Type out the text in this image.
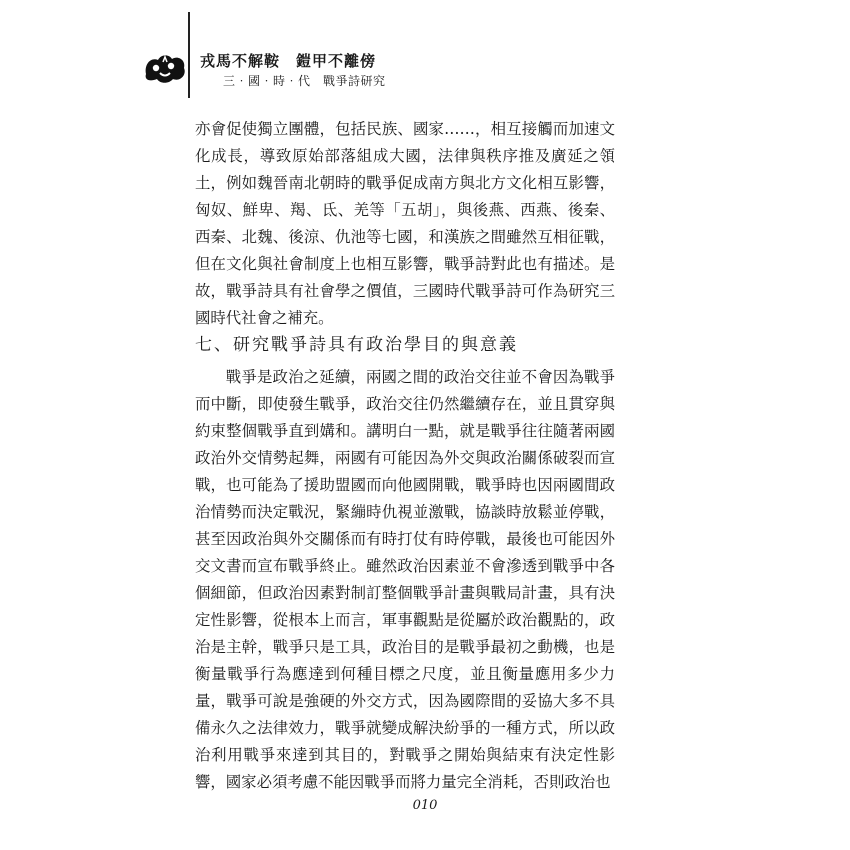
戎馬不解鞍　鎧甲不離傍

三‧國‧時‧代　戰爭詩研究

亦會促使獨立團體，包括民族、國家……，相互接觸而加速文化成長，導致原始部落組成大國，法律與秩序推及廣延之領土，例如魏晉南北朝時的戰爭促成南方與北方文化相互影響，匈奴、鮮卑、羯、氐、羌等「五胡」，與後燕、西燕、後秦、西秦、北魏、後涼、仇池等七國，和漢族之間雖然互相征戰，但在文化與社會制度上也相互影響，戰爭詩對此也有描述。是故，戰爭詩具有社會學之價值，三國時代戰爭詩可作為研究三國時代社會之補充。

七、研究戰爭詩具有政治學目的與意義

戰爭是政治之延續，兩國之間的政治交往並不會因為戰爭而中斷，即使發生戰爭，政治交往仍然繼續存在，並且貫穿與約束整個戰爭直到媾和。講明白一點，就是戰爭往往隨著兩國政治外交情勢起舞，兩國有可能因為外交與政治關係破裂而宣戰，也可能為了援助盟國而向他國開戰，戰爭時也因兩國間政治情勢而決定戰況，緊繃時仇視並激戰，協談時放鬆並停戰，甚至因政治與外交關係而有時打仗有時停戰，最後也可能因外交文書而宣布戰爭終止。雖然政治因素並不會滲透到戰爭中各個細節，但政治因素對制訂整個戰爭計畫與戰局計畫，具有決定性影響，從根本上而言，軍事觀點是從屬於政治觀點的，政治是主幹，戰爭只是工具，政治目的是戰爭最初之動機，也是衡量戰爭行為應達到何種目標之尺度，並且衡量應用多少力量，戰爭可說是強硬的外交方式，因為國際間的妥協大多不具備永久之法律效力，戰爭就變成解決紛爭的一種方式，所以政治利用戰爭來達到其目的，對戰爭之開始與結束有決定性影響，國家必須考慮不能因戰爭而將力量完全消耗，否則政治也

010
